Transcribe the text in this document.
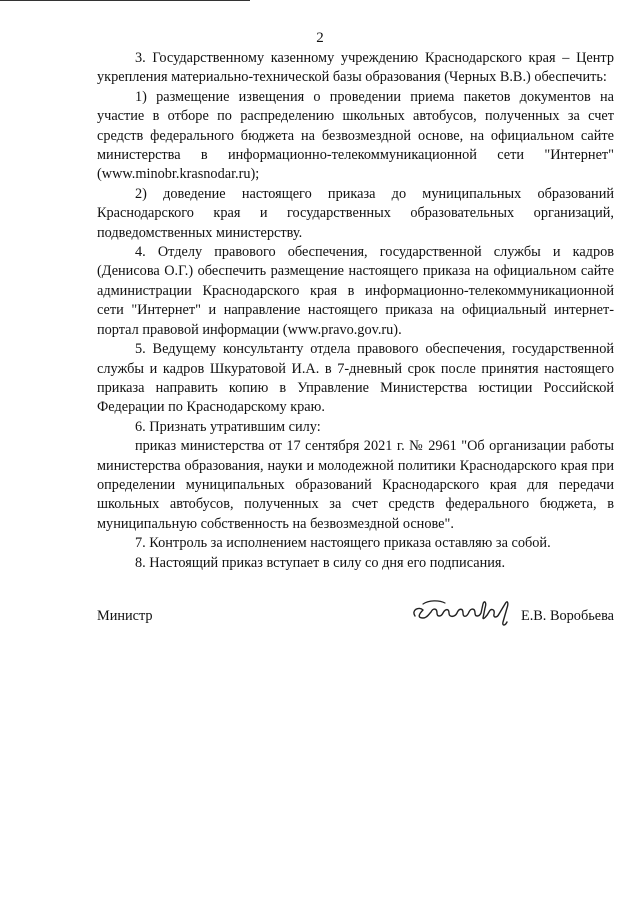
2

3. Государственному казенному учреждению Краснодарского края – Центр укрепления материально-технической базы образования (Черных В.В.) обеспечить:

1) размещение извещения о проведении приема пакетов документов на участие в отборе по распределению школьных автобусов, полученных за счет средств федерального бюджета на безвозмездной основе, на официальном сайте министерства в информационно-телекоммуникационной сети "Интернет" (www.minobr.krasnodar.ru);

2) доведение настоящего приказа до муниципальных образований Краснодарского края и государственных образовательных организаций, подведомственных министерству.

4. Отделу правового обеспечения, государственной службы и кадров (Денисова О.Г.) обеспечить размещение настоящего приказа на официальном сайте администрации Краснодарского края в информационно-телекоммуникационной сети "Интернет" и направление настоящего приказа на официальный интернет-портал правовой информации (www.pravo.gov.ru).

5. Ведущему консультанту отдела правового обеспечения, государственной службы и кадров Шкуратовой И.А. в 7-дневный срок после принятия настоящего приказа направить копию в Управление Министерства юстиции Российской Федерации по Краснодарскому краю.

6. Признать утратившим силу:

приказ министерства от 17 сентября 2021 г. № 2961 "Об организации работы министерства образования, науки и молодежной политики Краснодарского края при определении муниципальных образований Краснодарского края для передачи школьных автобусов, полученных за счет средств федерального бюджета, в муниципальную собственность на безвозмездной основе".

7. Контроль за исполнением настоящего приказа оставляю за собой.

8. Настоящий приказ вступает в силу со дня его подписания.

Министр	Е.В. Воробьева
